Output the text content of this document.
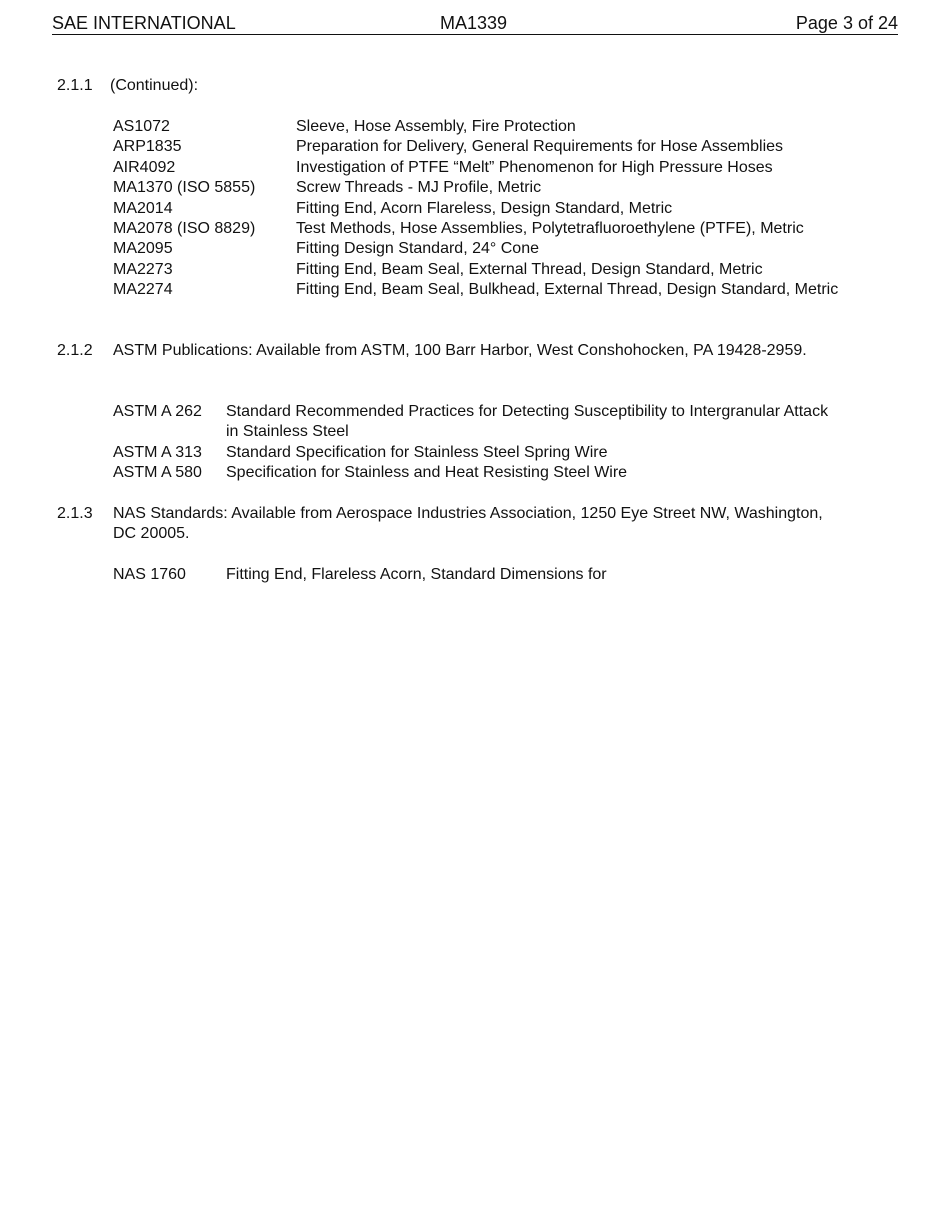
SAE INTERNATIONAL	MA1339	Page 3 of 24
2.1.1 (Continued):
AS1072	Sleeve, Hose Assembly, Fire Protection
ARP1835	Preparation for Delivery, General Requirements for Hose Assemblies
AIR4092	Investigation of PTFE “Melt” Phenomenon for High Pressure Hoses
MA1370 (ISO 5855)	Screw Threads - MJ Profile, Metric
MA2014	Fitting End, Acorn Flareless, Design Standard, Metric
MA2078 (ISO 8829)	Test Methods, Hose Assemblies, Polytetrafluoroethylene (PTFE), Metric
MA2095	Fitting Design Standard, 24° Cone
MA2273	Fitting End, Beam Seal, External Thread, Design Standard, Metric
MA2274	Fitting End, Beam Seal, Bulkhead, External Thread, Design Standard, Metric
2.1.2 ASTM Publications: Available from ASTM, 100 Barr Harbor, West Conshohocken, PA 19428-2959.
ASTM A 262	Standard Recommended Practices for Detecting Susceptibility to Intergranular Attack in Stainless Steel
ASTM A 313	Standard Specification for Stainless Steel Spring Wire
ASTM A 580	Specification for Stainless and Heat Resisting Steel Wire
2.1.3 NAS Standards: Available from Aerospace Industries Association, 1250 Eye Street NW, Washington, DC 20005.
NAS 1760	Fitting End, Flareless Acorn, Standard Dimensions for
